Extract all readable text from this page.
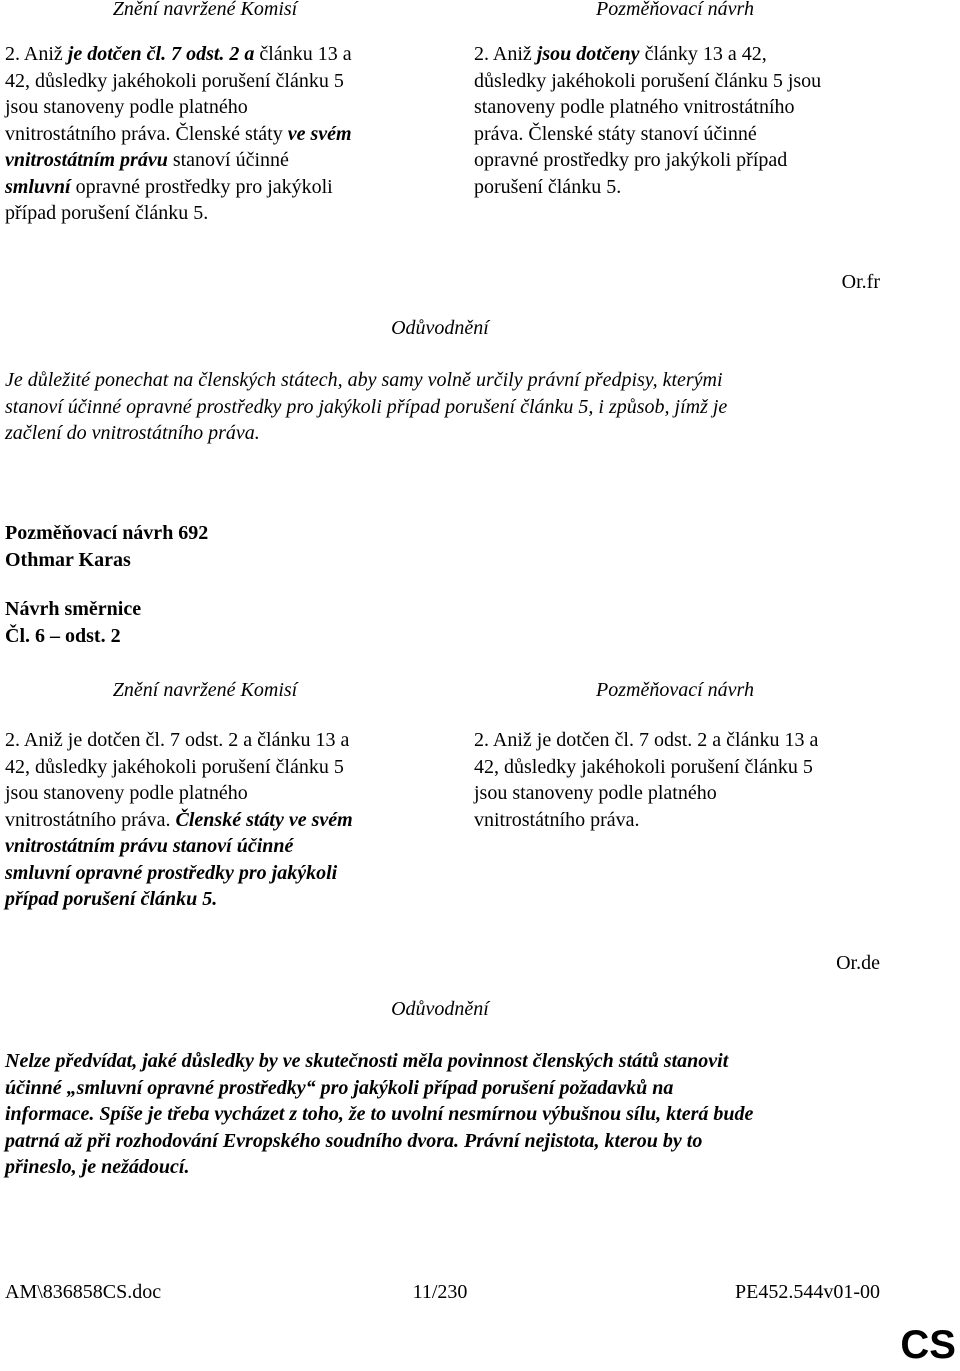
Znění navržené Komisí	Pozměňovací návrh
2. Aniž je dotčen čl. 7 odst. 2 a článku 13 a
42, důsledky jakéhokoli porušení článku 5
jsou stanoveny podle platného
vnitrostátního práva. Členské státy ve svém
vnitrostátním právu stanoví účinné
smluvní opravné prostředky pro jakýkoli
případ porušení článku 5.
2. Aniž jsou dotčeny články 13 a 42,
důsledky jakéhokoli porušení článku 5 jsou
stanoveny podle platného vnitrostátního
práva. Členské státy stanoví účinné
opravné prostředky pro jakýkoli případ
porušení článku 5.
Or.fr
Odůvodnění
Je důležité ponechat na členských státech, aby samy volně určily právní předpisy, kterými
stanoví účinné opravné prostředky pro jakýkoli případ porušení článku 5, i způsob, jímž je
začlení do vnitrostátního práva.
Pozměňovací návrh 692
Othmar Karas
Návrh směrnice
Čl. 6 – odst. 2
Znění navržené Komisí	Pozměňovací návrh
2. Aniž je dotčen čl. 7 odst. 2 a článku 13 a
42, důsledky jakéhokoli porušení článku 5
jsou stanoveny podle platného
vnitrostátního práva. Členské státy ve svém
vnitrostátním právu stanoví účinné
smluvní opravné prostředky pro jakýkoli
případ porušení článku 5.
2. Aniž je dotčen čl. 7 odst. 2 a článku 13 a
42, důsledky jakéhokoli porušení článku 5
jsou stanoveny podle platného
vnitrostátního práva.
Or.de
Odůvodnění
Nelze předvídat, jaké důsledky by ve skutečnosti měla povinnost členských států stanovit
účinné „smluvní opravné prostředky“ pro jakýkoli případ porušení požadavků na
informace. Spíše je třeba vycházet z toho, že to uvolní nesmírnou výbušnou sílu, která bude
patrná až při rozhodování Evropského soudního dvora. Právní nejistota, kterou by to
přineslo, je nežádoucí.
AM\836858CS.doc	11/230	PE452.544v01-00
CS
